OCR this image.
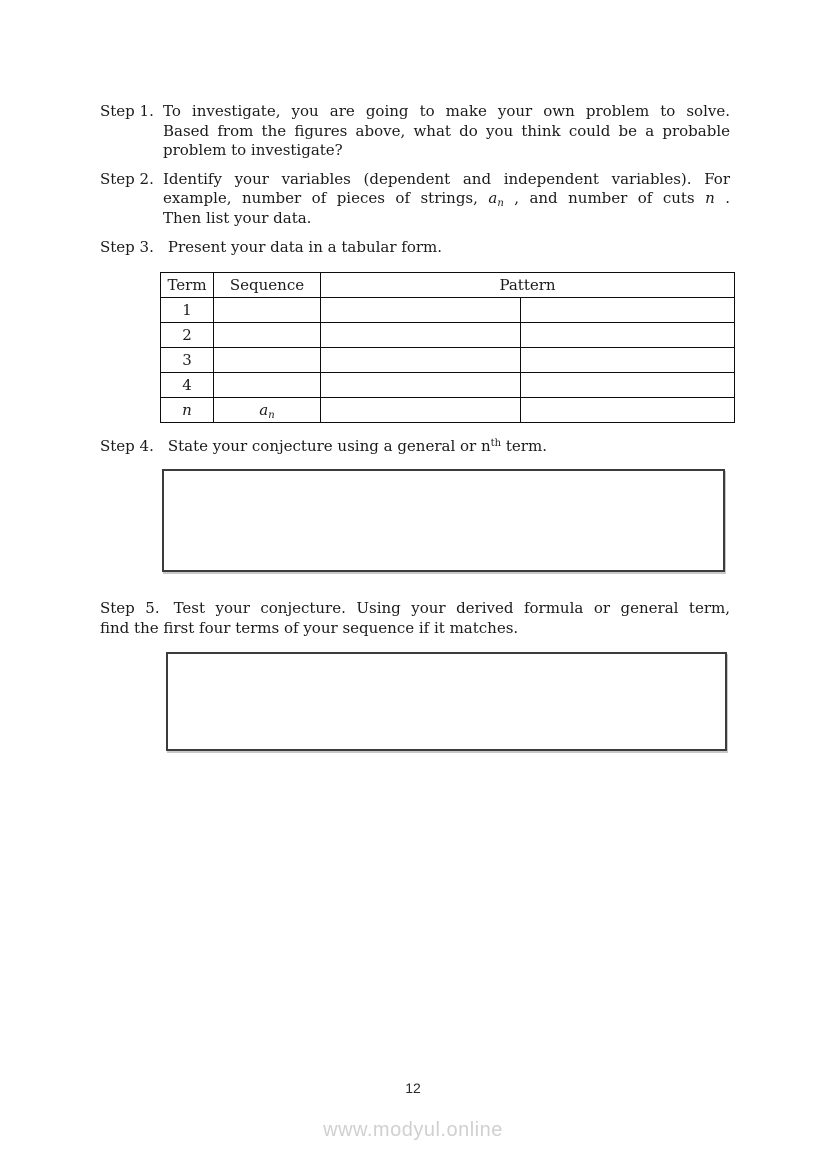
Step 1. To investigate, you are going to make your own problem to solve.
Based from the figures above, what do you think could be a probable
problem to investigate?
Step 2. Identify your variables (dependent and independent variables). For
example, number of pieces of strings, $a_n$ , and number of cuts n .
Then list your data.
Step 3. Present your data in a tabular form.
Term	Sequence	Pattern	
1			
2			
3			
4			
n	$a_n$		
Step 4. State your conjecture using a general or $n^{th}$ term.
Step 5. Test your conjecture. Using your derived formula or general term,
find the first four terms of your sequence if it matches.
12
www.modyul.online
